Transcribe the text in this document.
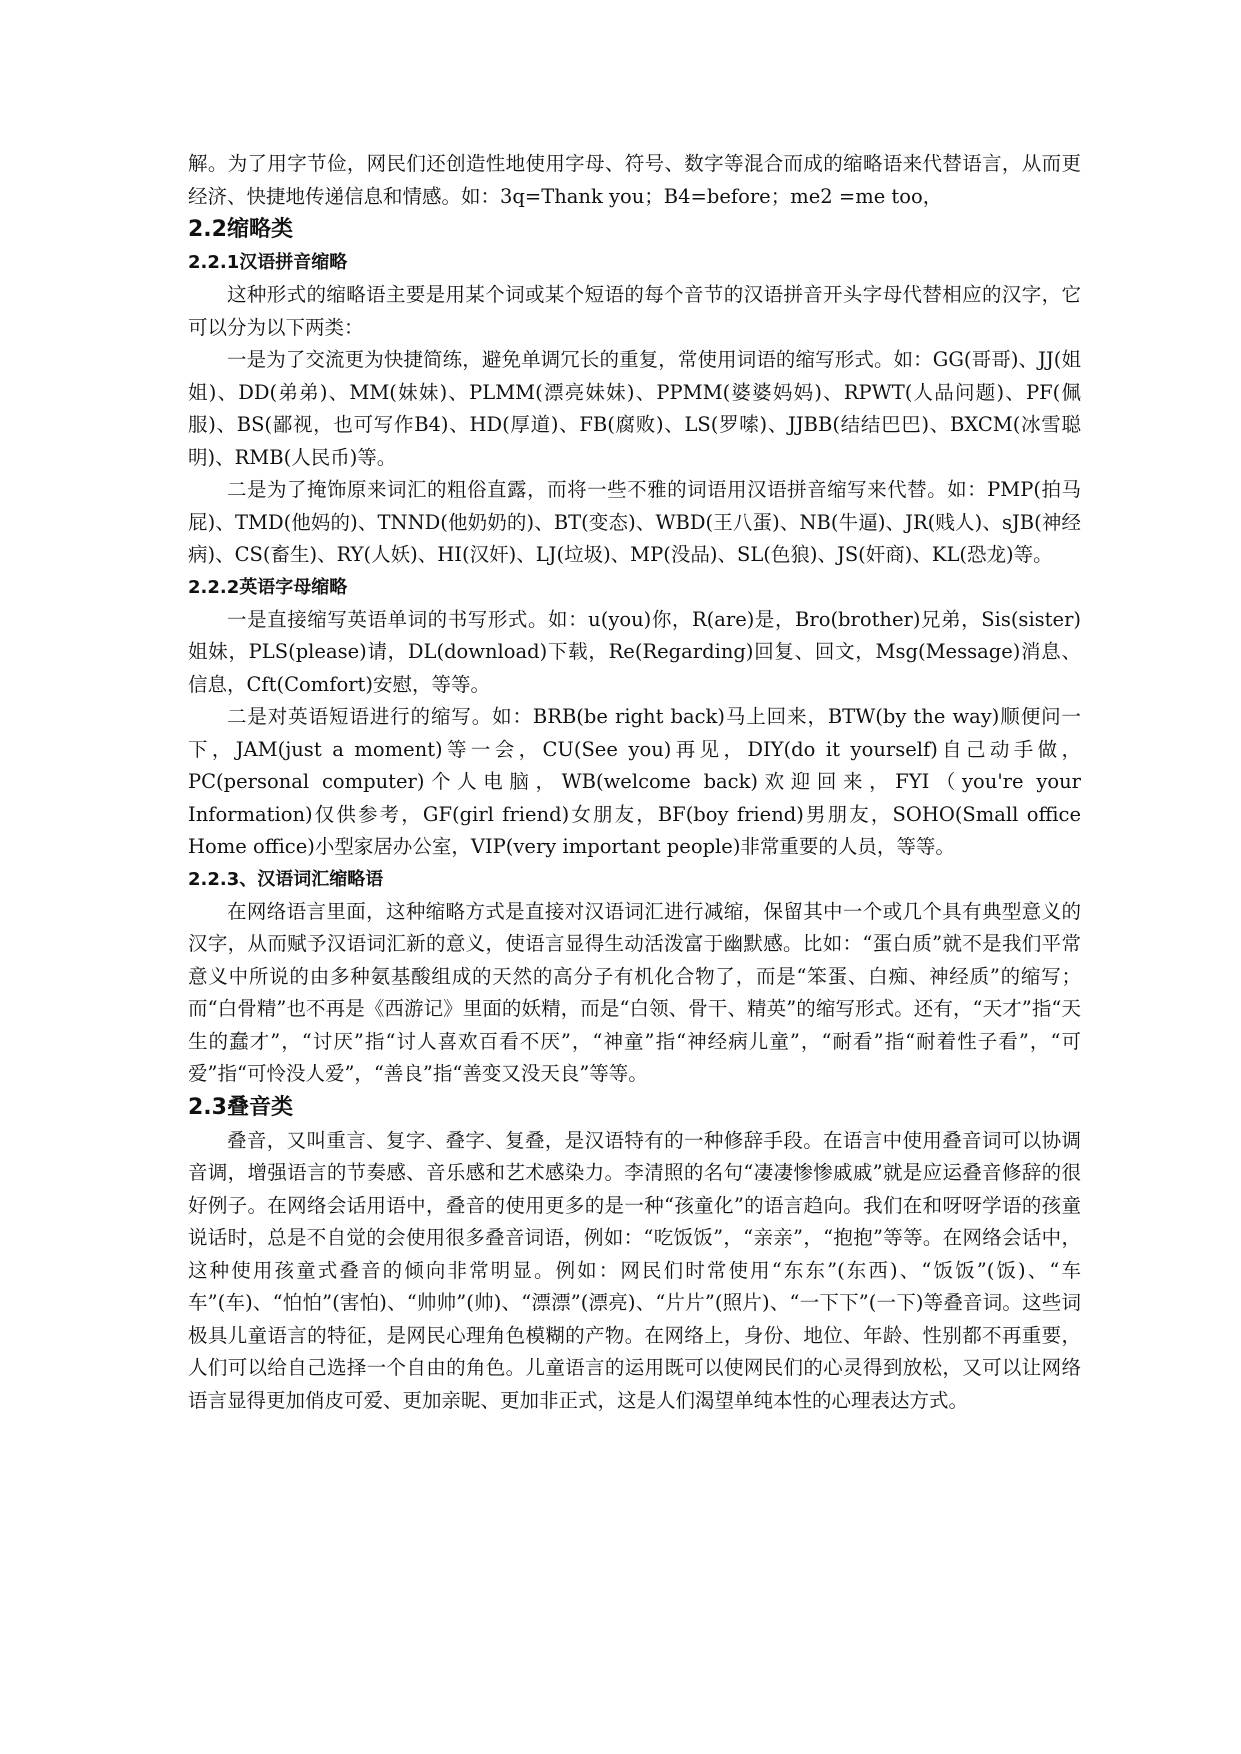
解。为了用字节俭，网民们还创造性地使用字母、符号、数字等混合而成的缩略语来代替语言，从而更经济、快捷地传递信息和情感。如：3q=Thank you；B4=before；me2 =me too，

2.2缩略类
2.2.1汉语拼音缩略

这种形式的缩略语主要是用某个词或某个短语的每个音节的汉语拼音开头字母代替相应的汉字，它可以分为以下两类：

一是为了交流更为快捷简练，避免单调冗长的重复，常使用词语的缩写形式。如：GG(哥哥)、JJ(姐姐)、DD(弟弟)、MM(妹妹)、PLMM(漂亮妹妹)、PPMM(婆婆妈妈)、RPWT(人品问题)、PF(佩服)、BS(鄙视，也可写作B4)、HD(厚道)、FB(腐败)、LS(罗嗦)、JJBB(结结巴巴)、BXCM(冰雪聪明)、RMB(人民币)等。

二是为了掩饰原来词汇的粗俗直露，而将一些不雅的词语用汉语拼音缩写来代替。如：PMP(拍马屁)、TMD(他妈的)、TNND(他奶奶的)、BT(变态)、WBD(王八蛋)、NB(牛逼)、JR(贱人)、sJB(神经病)、CS(畜生)、RY(人妖)、HI(汉奸)、LJ(垃圾)、MP(没品)、SL(色狼)、JS(奸商)、KL(恐龙)等。

2.2.2英语字母缩略

一是直接缩写英语单词的书写形式。如：u(you)你，R(are)是，Bro(brother)兄弟，Sis(sister)姐妹，PLS(please)请，DL(download)下载，Re(Regarding)回复、回文，Msg(Message)消息、信息，Cft(Comfort)安慰，等等。

二是对英语短语进行的缩写。如：BRB(be right back)马上回来，BTW(by the way)顺便问一下，JAM(just a moment)等一会，CU(See you)再见，DIY(do it yourself)自己动手做，PC(personal computer)个人电脑，WB(welcome back)欢迎回来，FYI（you're your Information)仅供参考，GF(girl friend)女朋友，BF(boy friend)男朋友，SOHO(Small office Home office)小型家居办公室，VIP(very important people)非常重要的人员，等等。

2.2.3、汉语词汇缩略语

在网络语言里面，这种缩略方式是直接对汉语词汇进行减缩，保留其中一个或几个具有典型意义的汉字，从而赋予汉语词汇新的意义，使语言显得生动活泼富于幽默感。比如：“蛋白质”就不是我们平常意义中所说的由多种氨基酸组成的天然的高分子有机化合物了，而是“笨蛋、白痴、神经质”的缩写；而“白骨精”也不再是《西游记》里面的妖精，而是“白领、骨干、精英”的缩写形式。还有，“天才”指“天生的蠢才”，“讨厌”指“讨人喜欢百看不厌”，“神童”指“神经病儿童”，“耐看”指“耐着性子看”，“可爱”指“可怜没人爱”，“善良”指“善变又没天良”等等。

2.3叠音类

叠音，又叫重言、复字、叠字、复叠，是汉语特有的一种修辞手段。在语言中使用叠音词可以协调音调，增强语言的节奏感、音乐感和艺术感染力。李清照的名句“凄凄惨惨戚戚”就是应运叠音修辞的很好例子。在网络会话用语中，叠音的使用更多的是一种“孩童化”的语言趋向。我们在和呀呀学语的孩童说话时，总是不自觉的会使用很多叠音词语，例如：“吃饭饭”，“亲亲”，“抱抱”等等。在网络会话中，这种使用孩童式叠音的倾向非常明显。例如：网民们时常使用“东东”(东西)、“饭饭”(饭)、“车车”(车)、“怕怕”(害怕)、“帅帅”(帅)、“漂漂”(漂亮)、“片片”(照片)、“一下下”(一下)等叠音词。这些词极具儿童语言的特征，是网民心理角色模糊的产物。在网络上，身份、地位、年龄、性别都不再重要，人们可以给自己选择一个自由的角色。儿童语言的运用既可以使网民们的心灵得到放松，又可以让网络语言显得更加俏皮可爱、更加亲昵、更加非正式，这是人们渴望单纯本性的心理表达方式。
